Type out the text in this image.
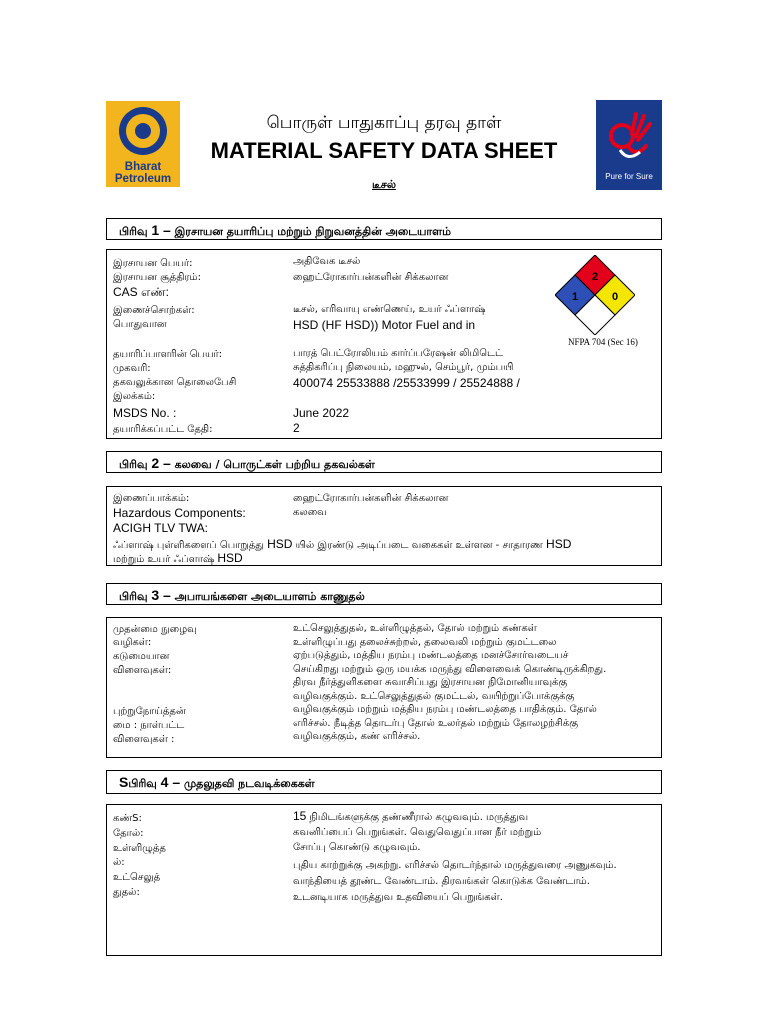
Bharat
Petroleum	Pure for Sure
பொருள் பாதுகாப்பு தரவு தாள்
MATERIAL SAFETY DATA SHEET
டீசல்
பிரிவு 1 – இரசாயன தயாரிப்பு மற்றும் நிறுவனத்தின் அடையாளம்
இரசாயன பெயர்:
இரசாயன சூத்திரம்:
CAS எண்:
இணைச்சொற்கள்:
பொதுவான
தயாரிப்பாளரின் பெயர்:
முகவரி:
தகவலுக்கான தொலைபேசி
இலக்கம்:
MSDS No. :
தயாரிக்கப்பட்ட தேதி:
அதிவேக டீசல்
ஹைட்ரோகார்பன்களின் சிக்கலான
டீசல், எரிவாயு எண்ணெய், உயர் ஃப்ளாஷ்
HSD (HF HSD)) Motor Fuel and in
பாரத் பெட்ரோலியம் கார்ப்பரேஷன் லிமிடெட்
சுத்திகரிப்பு நிலையம், மஹுல், செம்பூர், மும்பயி
400074 25533888 /25533999 / 25524888 /
June 2022
2
2
1	0
NFPA 704 (Sec 16)
பிரிவு 2 – கலவை / பொருட்கள் பற்றிய தகவல்கள்
இணைப்பாக்கம்:
Hazardous Components:
ACIGH TLV TWA:
ஹைட்ரோகார்பன்களின் சிக்கலான
கலவை
ஃப்ளாஷ் புள்ளிகளைப் பொறுத்து HSD யில் இரண்டு அடிப்படை வகைகள் உள்ளன - சாதாரண HSD
மற்றும் உயர் ஃப்ளாஷ் HSD
பிரிவு 3 – அபாயங்களை அடையாளம் காணுதல்
முதன்மை நுழைவு
வழிகள்:
கடுமையான
விளைவுகள்:
புற்றுநோய்த்தன்
மை : நாள்பட்ட
விளைவுகள் :
உட்செலுத்துதல், உள்ளிழுத்தல், தோல் மற்றும் கண்கள்
உள்ளிழுப்பது தலைச்சுற்றல், தலைவலி மற்றும் குமட்டலை
ஏற்படுத்தும், மத்திய நரம்பு மண்டலத்தை மனச்சோர்வடையச்
செய்கிறது மற்றும் ஒரு மயக்க மருந்து விளைவைக் கொண்டிருக்கிறது.
திரவ நீர்த்துளிகளை சுவாசிப்பது இரசாயன நிமோனியாவுக்கு
வழிவகுக்கும். உட்செலுத்துதல் குமட்டல், வயிற்றுப்போக்குக்கு
வழிவகுக்கும் மற்றும் மத்திய நரம்பு மண்டலத்தை பாதிக்கும். தோல்
எரிச்சல். நீடித்த தொடர்பு தோல் உலர்தல் மற்றும் தோலழற்சிக்கு
வழிவகுக்கும், கண் எரிச்சல்.
Sபிரிவு 4 – முதலுதவி நடவடிக்கைகள்
கண்S:
தோல்:
உள்ளிழுத்த
ல்:
உட்செலுத்
துதல்:
15 நிமிடங்களுக்கு தண்ணீரால் கழுவவும். மருத்துவ
கவனிப்பைப் பெறுங்கள். வெதுவெதுப்பான நீர் மற்றும்
சோப்பு கொண்டு கழுவவும்.
புதிய காற்றுக்கு அகற்று. எரிச்சல் தொடர்ந்தால் மருத்துவரை அணுகவும்.
வாந்தியைத் தூண்ட வேண்டாம். திரவங்கள் கொடுக்க வேண்டாம்.
உடனடியாக மருத்துவ உதவியைப் பெறுங்கள்.
